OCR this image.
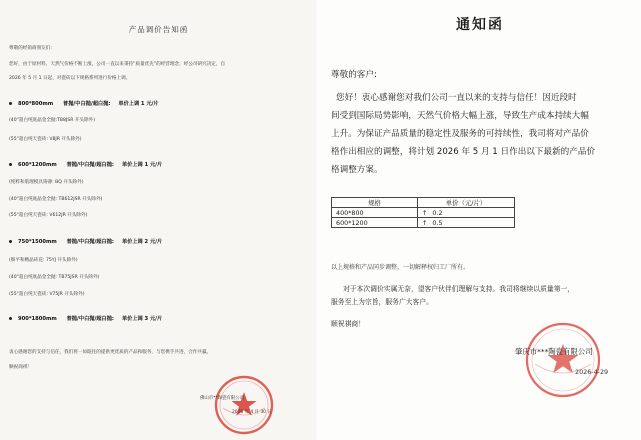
产品调价告知函
尊敬的经销商朋友们:
您好，由于原材料、天然气价格不断上涨，公司一直以来秉持“质量优先”的经营理念，经公司研究决定，自
2026 年 5 月 1 日起，对瓷砖以下规格系列进行价格上调。
800*800mm 普抛/中白抛/超白抛: 单价上调 1 元/片
(40"超白纯底晶金全抛:TB8JSR 开头除外)
(55"超白纯天瓷砖: V8JR 开头除外)
600*1200mm 普抛/中白抛/超白抛: 单价上调 1 元/片
(纯粹和肌理模具铸薄: BQ 开头除外)
(40"超白纯底晶金全抛: TB612JSR 开头除外)
(55"超白纯天瓷砖: V612JR 开头除外)
750*1500mm 普抛/中白抛/超白抛: 单价上调 2 元/片
(细平和精晶砖花: 75YJ 开头除外)
(40"超白纯底晶金全抛: TB75JSR 开头除外)
(55"超白纯天瓷砖: V75JR 开头除外)
900*1800mm 普抛/中白抛/超白抛: 单价上调 3 元/片
衷心感谢您的支持与信任，我们将一如既往的提供更优质的产品和服务，与您携手共进，合作共赢。
顺祝商祺！
佛山市**陶瓷有限公司
2026 年 4 月 30 日
通知函
尊敬的客户:
您好！衷心感谢您对我们公司一直以来的支持与信任！因近段时
间受到国际局势影响，天然气价格大幅上涨，导致生产成本持续大幅
上升。为保证产品质量的稳定性及服务的可持续性，我司将对产品价
格作出相应的调整，将计划 2026 年 5 月 1 日作出以下最新的产品价
格调整方案。
规格	单价（元/片）
400*800	↑ 0.2
600*1200	↑ 0.5
以上规格和产品同步调整，一切解释权归工厂所有。
对于本次调价实属无奈，望客户伙伴们理解与支持。我司将继续以质量第一，
服务至上为宗旨，服务广大客户。
顺祝祺商！
肇庆市***陶瓷有限公司
2026-4-29
